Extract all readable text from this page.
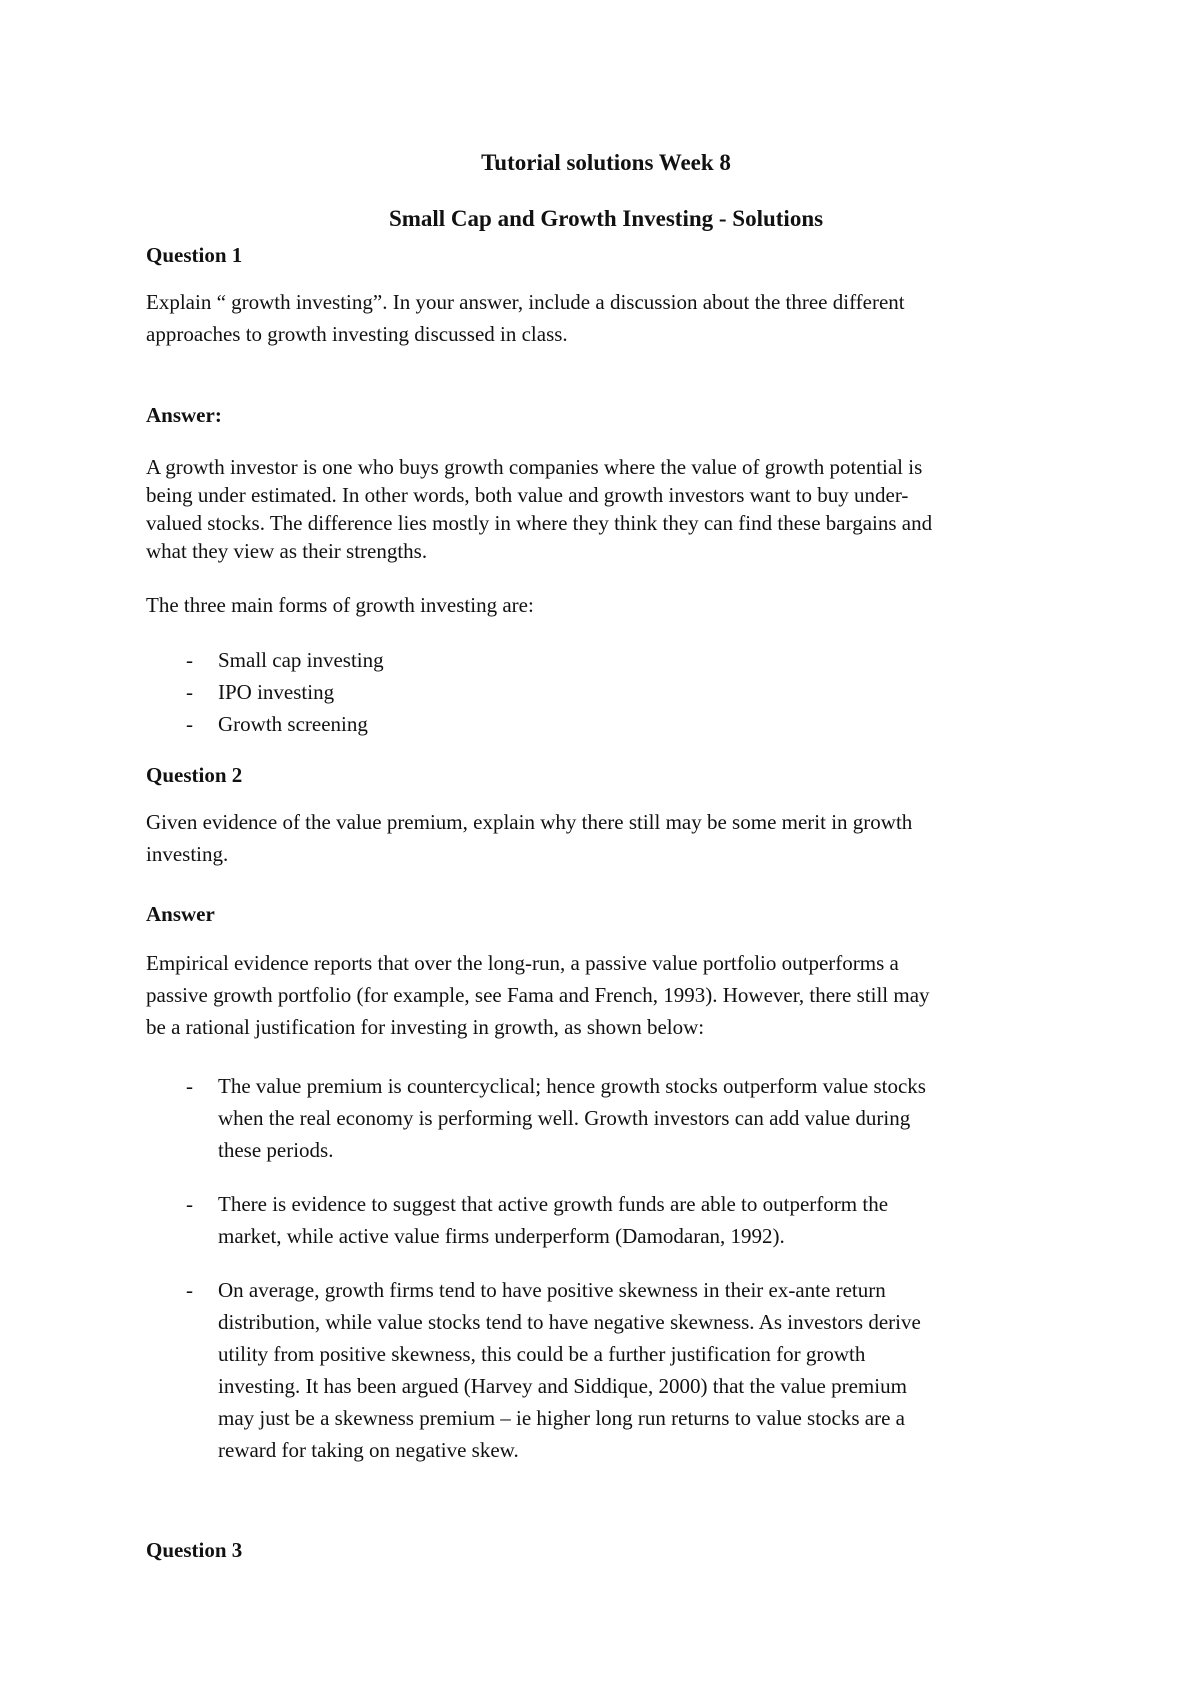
Tutorial solutions Week 8
Small Cap and Growth Investing - Solutions
Question 1
Explain “ growth investing”. In your answer, include a discussion about the three different
approaches to growth investing discussed in class.
Answer:
A growth investor is one who buys growth companies where the value of growth potential is
being under estimated. In other words, both value and growth investors want to buy under-
valued stocks. The difference lies mostly in where they think they can find these bargains and
what they view as their strengths.
The three main forms of growth investing are:
- Small cap investing
- IPO investing
- Growth screening
Question 2
Given evidence of the value premium, explain why there still may be some merit in growth
investing.
Answer
Empirical evidence reports that over the long-run, a passive value portfolio outperforms a
passive growth portfolio (for example, see Fama and French, 1993). However, there still may
be a rational justification for investing in growth, as shown below:
- The value premium is countercyclical; hence growth stocks outperform value stocks
when the real economy is performing well. Growth investors can add value during
these periods.
- There is evidence to suggest that active growth funds are able to outperform the
market, while active value firms underperform (Damodaran, 1992).
- On average, growth firms tend to have positive skewness in their ex-ante return
distribution, while value stocks tend to have negative skewness. As investors derive
utility from positive skewness, this could be a further justification for growth
investing. It has been argued (Harvey and Siddique, 2000) that the value premium
may just be a skewness premium – ie higher long run returns to value stocks are a
reward for taking on negative skew.
Question 3
